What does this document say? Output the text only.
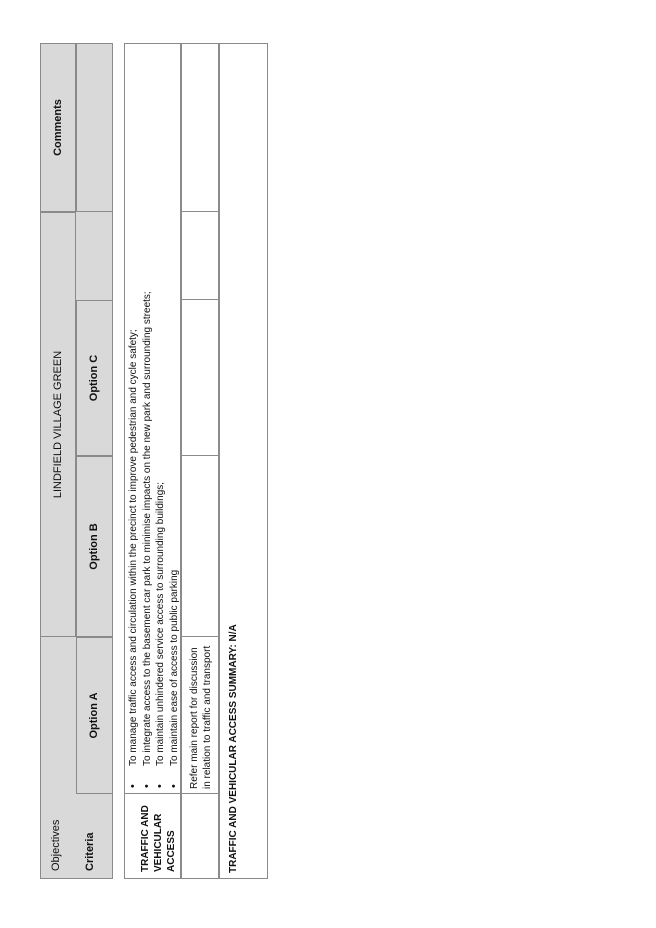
Objectives Criteria
LINDFIELD VILLAGE GREEN
Option A
Option B
Option C
Comments
TRAFFIC AND VEHICULAR ACCESS
• To manage traffic access and circulation within the precinct to improve pedestrian and cycle safety; • To integrate access to the basement car park to minimise impacts on the new park and surrounding streets; • To maintain unhindered service access to surrounding buildings; • To maintain ease of access to public parking Refer main report for discussion in relation to traffic and transport TRAFFIC AND VEHICULAR ACCESS SUMMARY: N/A
